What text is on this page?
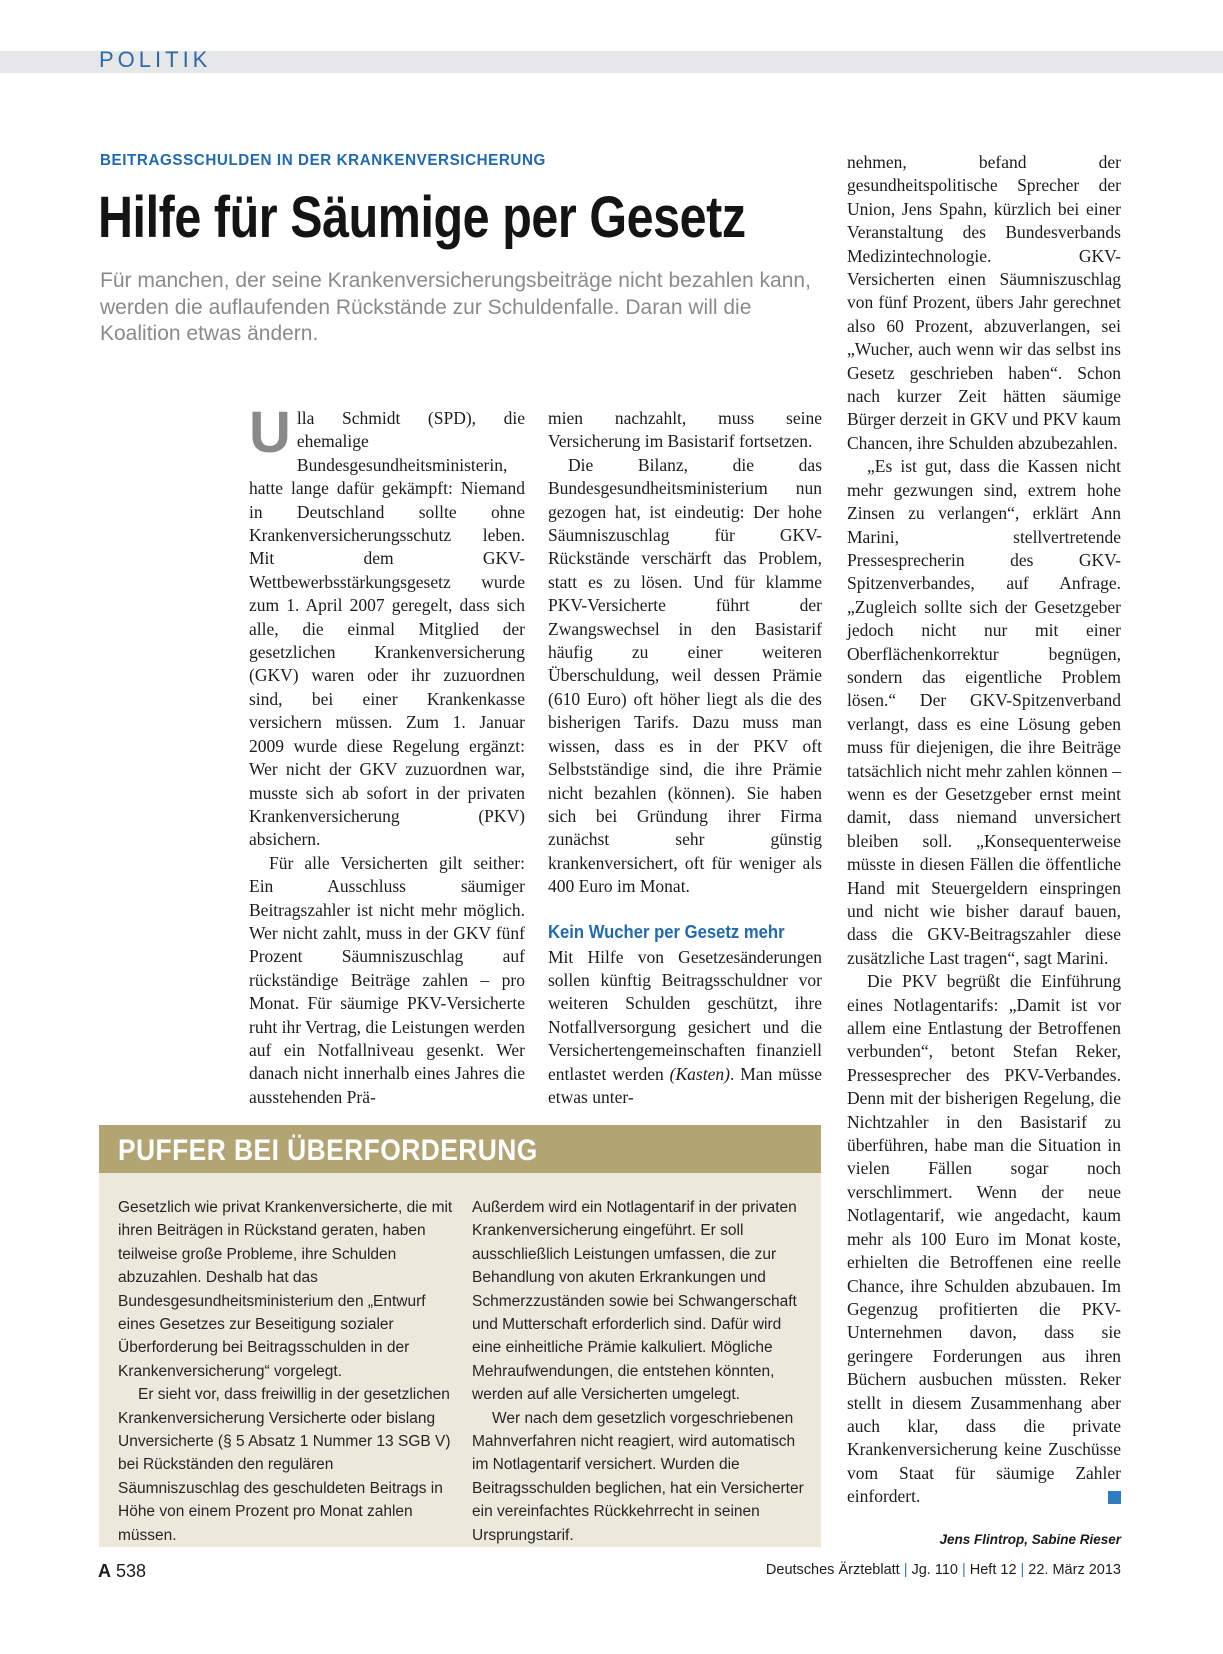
POLITIK
BEITRAGSSCHULDEN IN DER KRANKENVERSICHERUNG
Hilfe für Säumige per Gesetz
Für manchen, der seine Krankenversicherungsbeiträge nicht bezahlen kann, werden die auflaufenden Rückstände zur Schuldenfalle. Daran will die Koalition etwas ändern.

Ulla Schmidt (SPD), die ehemalige Bundesgesundheitsministerin, hatte lange dafür gekämpft: Niemand in Deutschland sollte ohne Krankenversicherungsschutz leben. Mit dem GKV-Wettbewerbsstärkungsgesetz wurde zum 1. April 2007 geregelt, dass sich alle, die einmal Mitglied der gesetzlichen Krankenversicherung (GKV) waren oder ihr zuzuordnen sind, bei einer Krankenkasse versichern müssen. Zum 1. Januar 2009 wurde diese Regelung ergänzt: Wer nicht der GKV zuzuordnen war, musste sich ab sofort in der privaten Krankenversicherung (PKV) absichern.

Für alle Versicherten gilt seither: Ein Ausschluss säumiger Beitragszahler ist nicht mehr möglich. Wer nicht zahlt, muss in der GKV fünf Prozent Säumniszuschlag auf rückständige Beiträge zahlen – pro Monat. Für säumige PKV-Versicherte ruht ihr Vertrag, die Leistungen werden auf ein Notfallniveau gesenkt. Wer danach nicht innerhalb eines Jahres die ausstehenden Prä-

mien nachzahlt, muss seine Versicherung im Basistarif fortsetzen.

Die Bilanz, die das Bundesgesundheitsministerium nun gezogen hat, ist eindeutig: Der hohe Säumniszuschlag für GKV-Rückstände verschärft das Problem, statt es zu lösen. Und für klamme PKV-Versicherte führt der Zwangswechsel in den Basistarif häufig zu einer weiteren Überschuldung, weil dessen Prämie (610 Euro) oft höher liegt als die des bisherigen Tarifs. Dazu muss man wissen, dass es in der PKV oft Selbstständige sind, die ihre Prämie nicht bezahlen (können). Sie haben sich bei Gründung ihrer Firma zunächst sehr günstig krankenversichert, oft für weniger als 400 Euro im Monat.

Kein Wucher per Gesetz mehr

Mit Hilfe von Gesetzesänderungen sollen künftig Beitragsschuldner vor weiteren Schulden geschützt, ihre Notfallversorgung gesichert und die Versichertengemeinschaften finanziell entlastet werden (Kasten). Man müsse etwas unter-

nehmen, befand der gesundheitspolitische Sprecher der Union, Jens Spahn, kürzlich bei einer Veranstaltung des Bundesverbands Medizintechnologie. GKV-Versicherten einen Säumniszuschlag von fünf Prozent, übers Jahr gerechnet also 60 Prozent, abzuverlangen, sei „Wucher, auch wenn wir das selbst ins Gesetz geschrieben haben“. Schon nach kurzer Zeit hätten säumige Bürger derzeit in GKV und PKV kaum Chancen, ihre Schulden abzubezahlen.

„Es ist gut, dass die Kassen nicht mehr gezwungen sind, extrem hohe Zinsen zu verlangen“, erklärt Ann Marini, stellvertretende Pressesprecherin des GKV-Spitzenverbandes, auf Anfrage. „Zugleich sollte sich der Gesetzgeber jedoch nicht nur mit einer Oberflächenkorrektur begnügen, sondern das eigentliche Problem lösen.“ Der GKV-Spitzenverband verlangt, dass es eine Lösung geben muss für diejenigen, die ihre Beiträge tatsächlich nicht mehr zahlen können – wenn es der Gesetzgeber ernst meint damit, dass niemand unversichert bleiben soll. „Konsequenterweise müsste in diesen Fällen die öffentliche Hand mit Steuergeldern einspringen und nicht wie bisher darauf bauen, dass die GKV-Beitragszahler diese zusätzliche Last tragen“, sagt Marini.

Die PKV begrüßt die Einführung eines Notlagentarifs: „Damit ist vor allem eine Entlastung der Betroffenen verbunden“, betont Stefan Reker, Pressesprecher des PKV-Verbandes. Denn mit der bisherigen Regelung, die Nichtzahler in den Basistarif zu überführen, habe man die Situation in vielen Fällen sogar noch verschlimmert. Wenn der neue Notlagentarif, wie angedacht, kaum mehr als 100 Euro im Monat koste, erhielten die Betroffenen eine reelle Chance, ihre Schulden abzubauen. Im Gegenzug profitierten die PKV-Unternehmen davon, dass sie geringere Forderungen aus ihren Büchern ausbuchen müssten. Reker stellt in diesem Zusammenhang aber auch klar, dass die private Krankenversicherung keine Zuschüsse vom Staat für säumige Zahler einfordert.

Jens Flintrop, Sabine Rieser
PUFFER BEI ÜBERFORDERUNG

Gesetzlich wie privat Krankenversicherte, die mit ihren Beiträgen in Rückstand geraten, haben teilweise große Probleme, ihre Schulden abzuzahlen. Deshalb hat das Bundesgesundheitsministerium den „Entwurf eines Gesetzes zur Beseitigung sozialer Überforderung bei Beitragsschulden in der Krankenversicherung“ vorgelegt.

Er sieht vor, dass freiwillig in der gesetzlichen Krankenversicherung Versicherte oder bislang Unversicherte (§ 5 Absatz 1 Nummer 13 SGB V) bei Rückständen den regulären Säumniszuschlag des geschuldeten Beitrags in Höhe von einem Prozent pro Monat zahlen müssen.

Außerdem wird ein Notlagentarif in der privaten Krankenversicherung eingeführt. Er soll ausschließlich Leistungen umfassen, die zur Behandlung von akuten Erkrankungen und Schmerzzuständen sowie bei Schwangerschaft und Mutterschaft erforderlich sind. Dafür wird eine einheitliche Prämie kalkuliert. Mögliche Mehraufwendungen, die entstehen könnten, werden auf alle Versicherten umgelegt.

Wer nach dem gesetzlich vorgeschriebenen Mahnverfahren nicht reagiert, wird automatisch im Notlagentarif versichert. Wurden die Beitragsschulden beglichen, hat ein Versicherter ein vereinfachtes Rückkehrrecht in seinen Ursprungstarif.

A 538	Deutsches Ärzteblatt | Jg. 110 | Heft 12 | 22. März 2013
